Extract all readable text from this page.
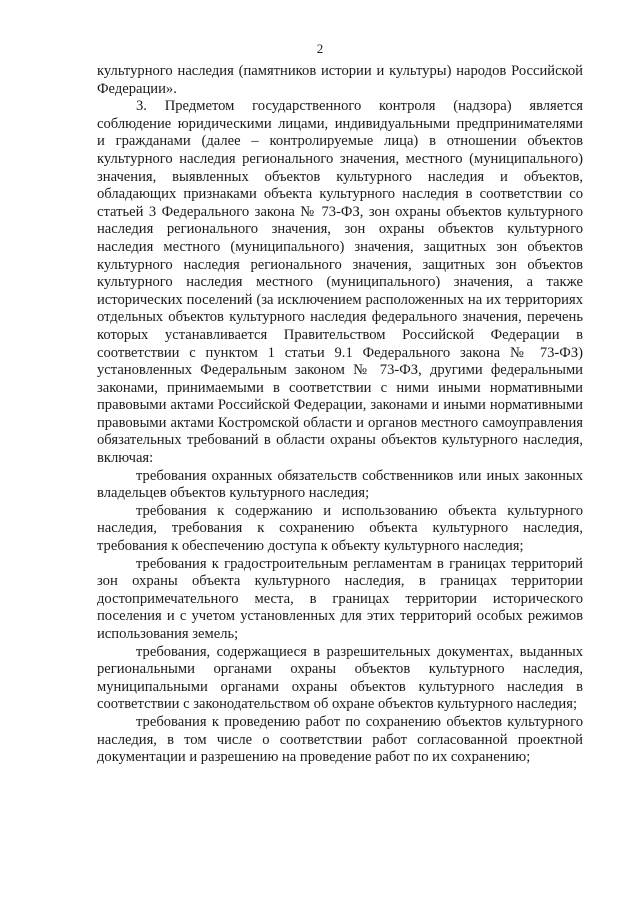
2

культурного наследия (памятников истории и культуры) народов Российской Федерации».

3. Предметом государственного контроля (надзора) является соблюдение юридическими лицами, индивидуальными предпринимателями и гражданами (далее – контролируемые лица) в отношении объектов культурного наследия регионального значения, местного (муниципального) значения, выявленных объектов культурного наследия и объектов, обладающих признаками объекта культурного наследия в соответствии со статьей 3 Федерального закона № 73-ФЗ, зон охраны объектов культурного наследия регионального значения, зон охраны объектов культурного наследия местного (муниципального) значения, защитных зон объектов культурного наследия регионального значения, защитных зон объектов культурного наследия местного (муниципального) значения, а также исторических поселений (за исключением расположенных на их территориях отдельных объектов культурного наследия федерального значения, перечень которых устанавливается Правительством Российской Федерации в соответствии с пунктом 1 статьи 9.1 Федерального закона № 73-ФЗ) установленных Федеральным законом № 73-ФЗ, другими федеральными законами, принимаемыми в соответствии с ними иными нормативными правовыми актами Российской Федерации, законами и иными нормативными правовыми актами Костромской области и органов местного самоуправления обязательных требований в области охраны объектов культурного наследия, включая:

требования охранных обязательств собственников или иных законных владельцев объектов культурного наследия;

требования к содержанию и использованию объекта культурного наследия, требования к сохранению объекта культурного наследия, требования к обеспечению доступа к объекту культурного наследия;

требования к градостроительным регламентам в границах территорий зон охраны объекта культурного наследия, в границах территории достопримечательного места, в границах территории исторического поселения и с учетом установленных для этих территорий особых режимов использования земель;

требования, содержащиеся в разрешительных документах, выданных региональными органами охраны объектов культурного наследия, муниципальными органами охраны объектов культурного наследия в соответствии с законодательством об охране объектов культурного наследия;

требования к проведению работ по сохранению объектов культурного наследия, в том числе о соответствии работ согласованной проектной документации и разрешению на проведение работ по их сохранению;
